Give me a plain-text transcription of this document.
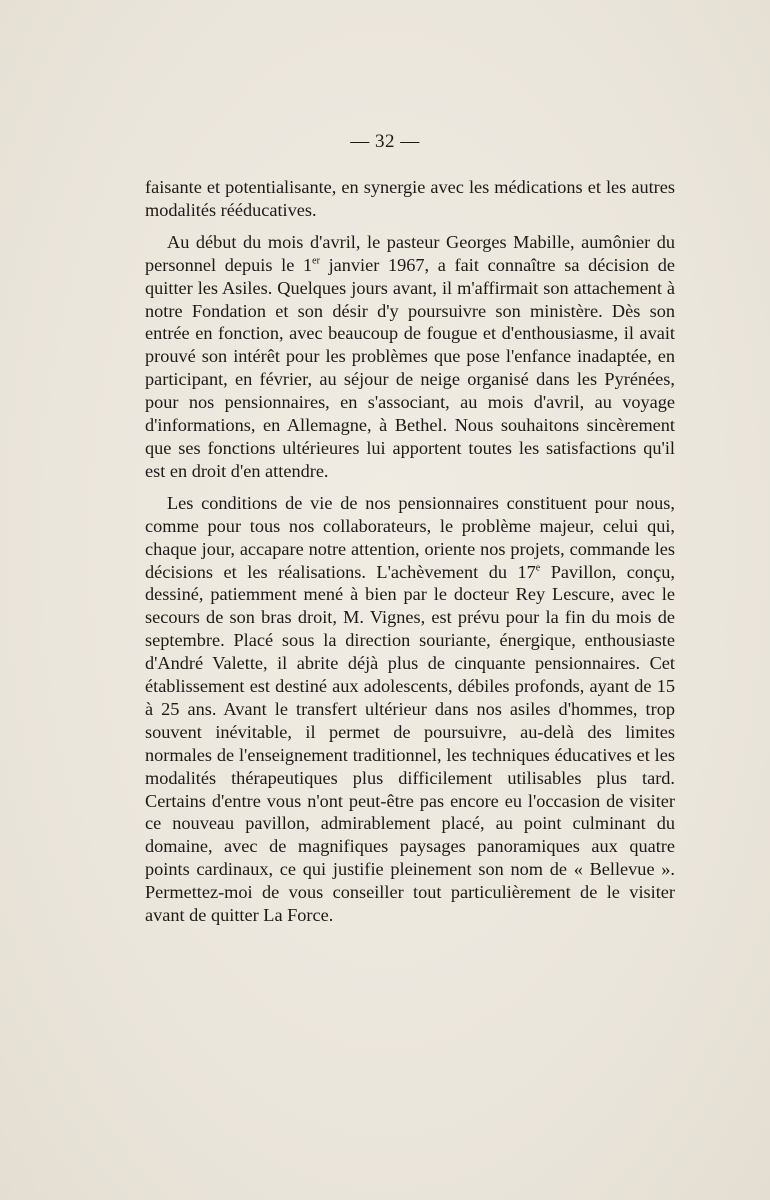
— 32 —

faisante et potentialisante, en synergie avec les médications et les autres modalités rééducatives.

Au début du mois d'avril, le pasteur Georges Mabille, aumônier du personnel depuis le 1er janvier 1967, a fait connaître sa décision de quitter les Asiles. Quelques jours avant, il m'affirmait son attachement à notre Fondation et son désir d'y poursuivre son ministère. Dès son entrée en fonction, avec beaucoup de fougue et d'enthousiasme, il avait prouvé son intérêt pour les problèmes que pose l'enfance inadaptée, en participant, en février, au séjour de neige organisé dans les Pyrénées, pour nos pensionnaires, en s'associant, au mois d'avril, au voyage d'informations, en Allemagne, à Bethel. Nous souhaitons sincèrement que ses fonctions ultérieures lui apportent toutes les satisfactions qu'il est en droit d'en attendre.

Les conditions de vie de nos pensionnaires constituent pour nous, comme pour tous nos collaborateurs, le problème majeur, celui qui, chaque jour, accapare notre attention, oriente nos projets, commande les décisions et les réalisations. L'achèvement du 17e Pavillon, conçu, dessiné, patiemment mené à bien par le docteur Rey Lescure, avec le secours de son bras droit, M. Vignes, est prévu pour la fin du mois de septembre. Placé sous la direction souriante, énergique, enthousiaste d'André Valette, il abrite déjà plus de cinquante pensionnaires. Cet établissement est destiné aux adolescents, débiles profonds, ayant de 15 à 25 ans. Avant le transfert ultérieur dans nos asiles d'hommes, trop souvent inévitable, il permet de poursuivre, au-delà des limites normales de l'enseignement traditionnel, les techniques éducatives et les modalités thérapeutiques plus difficilement utilisables plus tard. Certains d'entre vous n'ont peut-être pas encore eu l'occasion de visiter ce nouveau pavillon, admirablement placé, au point culminant du domaine, avec de magnifiques paysages panoramiques aux quatre points cardinaux, ce qui justifie pleinement son nom de « Bellevue ». Permettez-moi de vous conseiller tout particulièrement de le visiter avant de quitter La Force.
